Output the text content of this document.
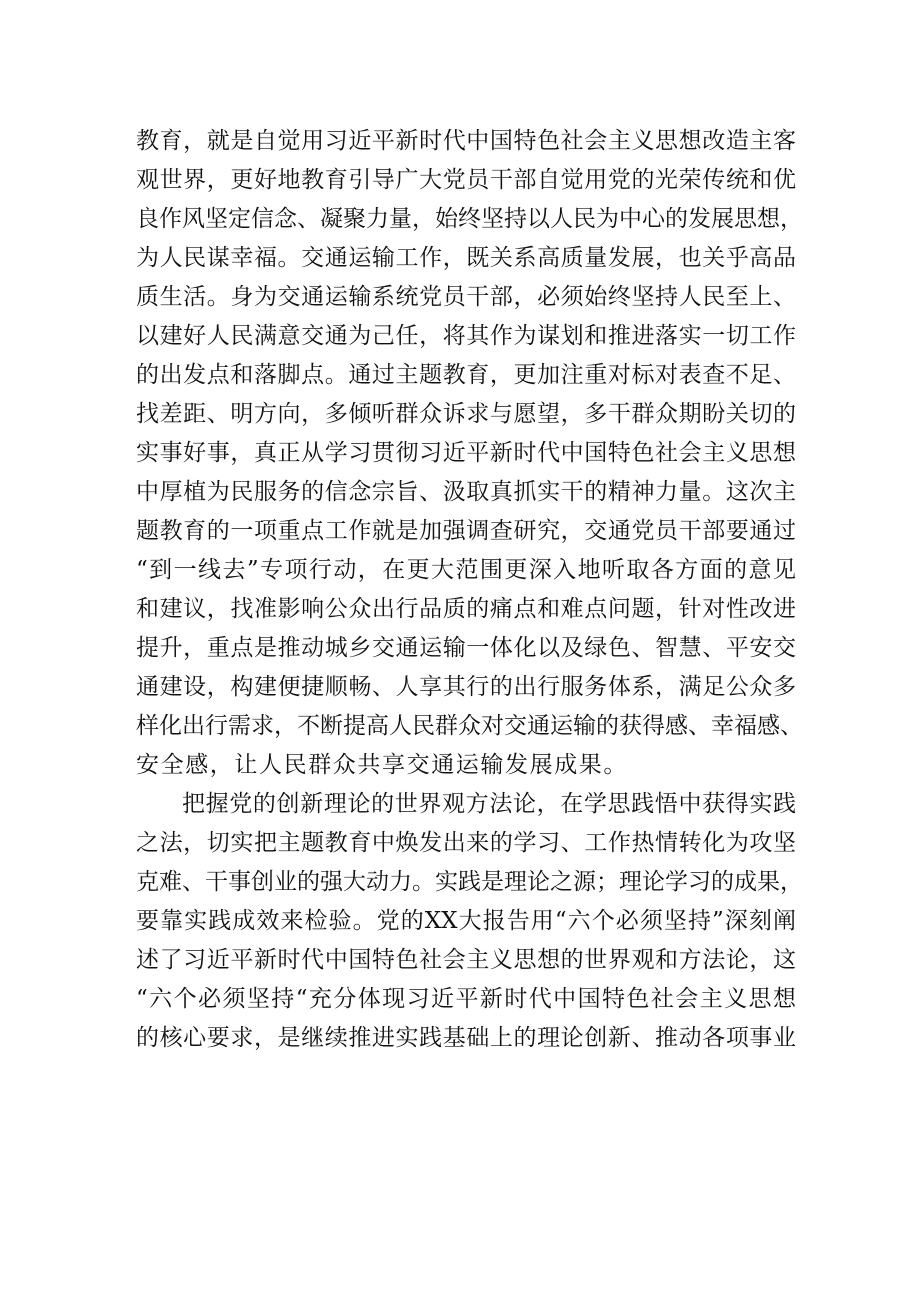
教育，就是自觉用习近平新时代中国特色社会主义思想改造主客
观世界，更好地教育引导广大党员干部自觉用党的光荣传统和优
良作风坚定信念、凝聚力量，始终坚持以人民为中心的发展思想，
为人民谋幸福。交通运输工作，既关系高质量发展，也关乎高品
质生活。身为交通运输系统党员干部，必须始终坚持人民至上、
以建好人民满意交通为己任，将其作为谋划和推进落实一切工作
的出发点和落脚点。通过主题教育，更加注重对标对表查不足、
找差距、明方向，多倾听群众诉求与愿望，多干群众期盼关切的
实事好事，真正从学习贯彻习近平新时代中国特色社会主义思想
中厚植为民服务的信念宗旨、汲取真抓实干的精神力量。这次主
题教育的一项重点工作就是加强调查研究，交通党员干部要通过
“到一线去”专项行动，在更大范围更深入地听取各方面的意见
和建议，找准影响公众出行品质的痛点和难点问题，针对性改进
提升，重点是推动城乡交通运输一体化以及绿色、智慧、平安交
通建设，构建便捷顺畅、人享其行的出行服务体系，满足公众多
样化出行需求，不断提高人民群众对交通运输的获得感、幸福感、
安全感，让人民群众共享交通运输发展成果。
把握党的创新理论的世界观方法论，在学思践悟中获得实践
之法，切实把主题教育中焕发出来的学习、工作热情转化为攻坚
克难、干事创业的强大动力。实践是理论之源；理论学习的成果，
要靠实践成效来检验。党的XX大报告用“六个必须坚持”深刻阐
述了习近平新时代中国特色社会主义思想的世界观和方法论，这
“六个必须坚持“充分体现习近平新时代中国特色社会主义思想
的核心要求，是继续推进实践基础上的理论创新、推动各项事业
